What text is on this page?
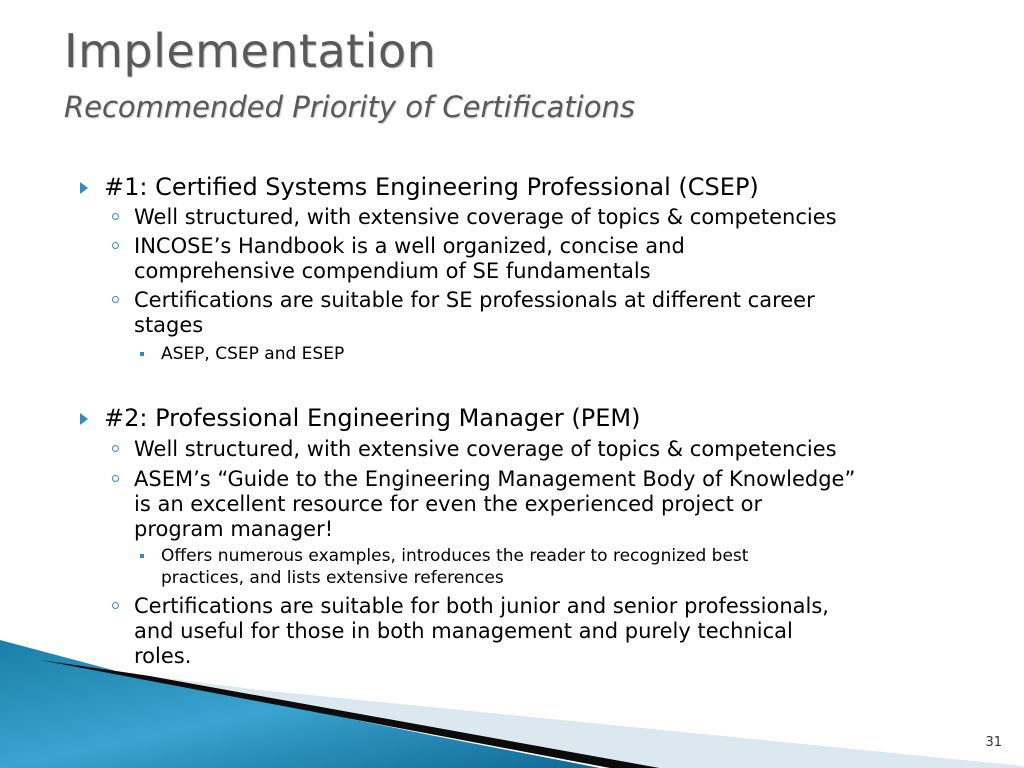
Implementation
Recommended Priority of Certifications
#1: Certified Systems Engineering Professional (CSEP)
Well structured, with extensive coverage of topics & competencies
INCOSE’s Handbook is a well organized, concise and
comprehensive compendium of SE fundamentals
Certifications are suitable for SE professionals at different career
stages
ASEP, CSEP and ESEP
#2: Professional Engineering Manager (PEM)
Well structured, with extensive coverage of topics & competencies
ASEM’s “Guide to the Engineering Management Body of Knowledge”
is an excellent resource for even the experienced project or
program manager!
Offers numerous examples, introduces the reader to recognized best
practices, and lists extensive references
Certifications are suitable for both junior and senior professionals,
and useful for those in both management and purely technical
roles.
31
